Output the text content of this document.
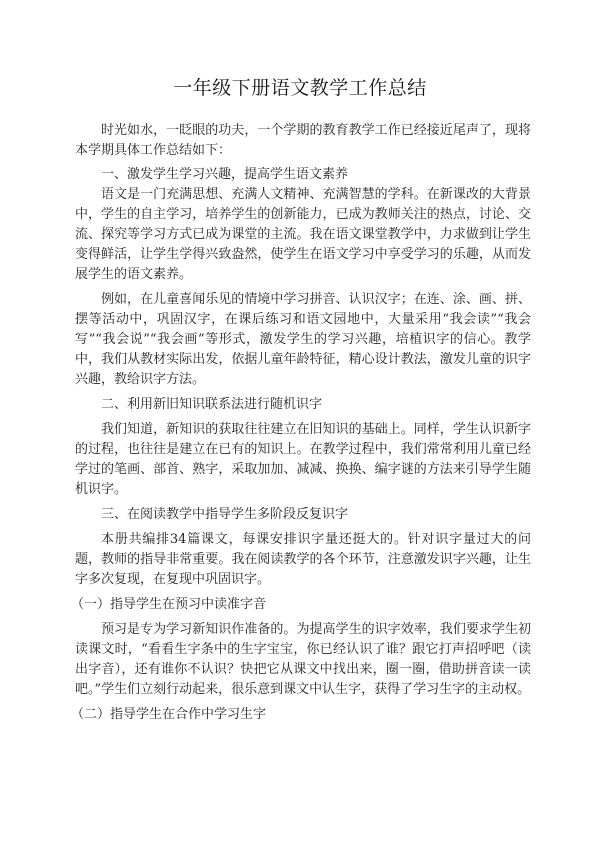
一年级下册语文教学工作总结

时光如水，一眨眼的功夫，一个学期的教育教学工作已经接近尾声了，现将本学期具体工作总结如下：

一、激发学生学习兴趣，提高学生语文素养

语文是一门充满思想、充满人文精神、充满智慧的学科。在新课改的大背景中，学生的自主学习，培养学生的创新能力，已成为教师关注的热点，讨论、交流、探究等学习方式已成为课堂的主流。我在语文课堂教学中，力求做到让学生变得鲜活，让学生学得兴致盎然，使学生在语文学习中享受学习的乐趣，从而发展学生的语文素养。

例如，在儿童喜闻乐见的情境中学习拼音、认识汉字；在连、涂、画、拼、摆等活动中，巩固汉字，在课后练习和语文园地中，大量采用“我会读”“我会写”“我会说”“我会画”等形式，激发学生的学习兴趣，培植识字的信心。教学中，我们从教材实际出发，依据儿童年龄特征，精心设计教法，激发儿童的识字兴趣，教给识字方法。

二、利用新旧知识联系法进行随机识字

我们知道，新知识的获取往往建立在旧知识的基础上。同样，学生认识新字的过程，也往往是建立在已有的知识上。在教学过程中，我们常常利用儿童已经学过的笔画、部首、熟字，采取加加、减减、换换、编字谜的方法来引导学生随机识字。

三、在阅读教学中指导学生多阶段反复识字

本册共编排34篇课文，每课安排识字量还挺大的。针对识字量过大的问题，教师的指导非常重要。我在阅读教学的各个环节，注意激发识字兴趣，让生字多次复现，在复现中巩固识字。

（一）指导学生在预习中读准字音

预习是专为学习新知识作准备的。为提高学生的识字效率，我们要求学生初读课文时，“看看生字条中的生字宝宝，你已经认识了谁？跟它打声招呼吧（读出字音），还有谁你不认识？快把它从课文中找出来，圈一圈，借助拼音读一读吧。”学生们立刻行动起来，很乐意到课文中认生字，获得了学习生字的主动权。

（二）指导学生在合作中学习生字
